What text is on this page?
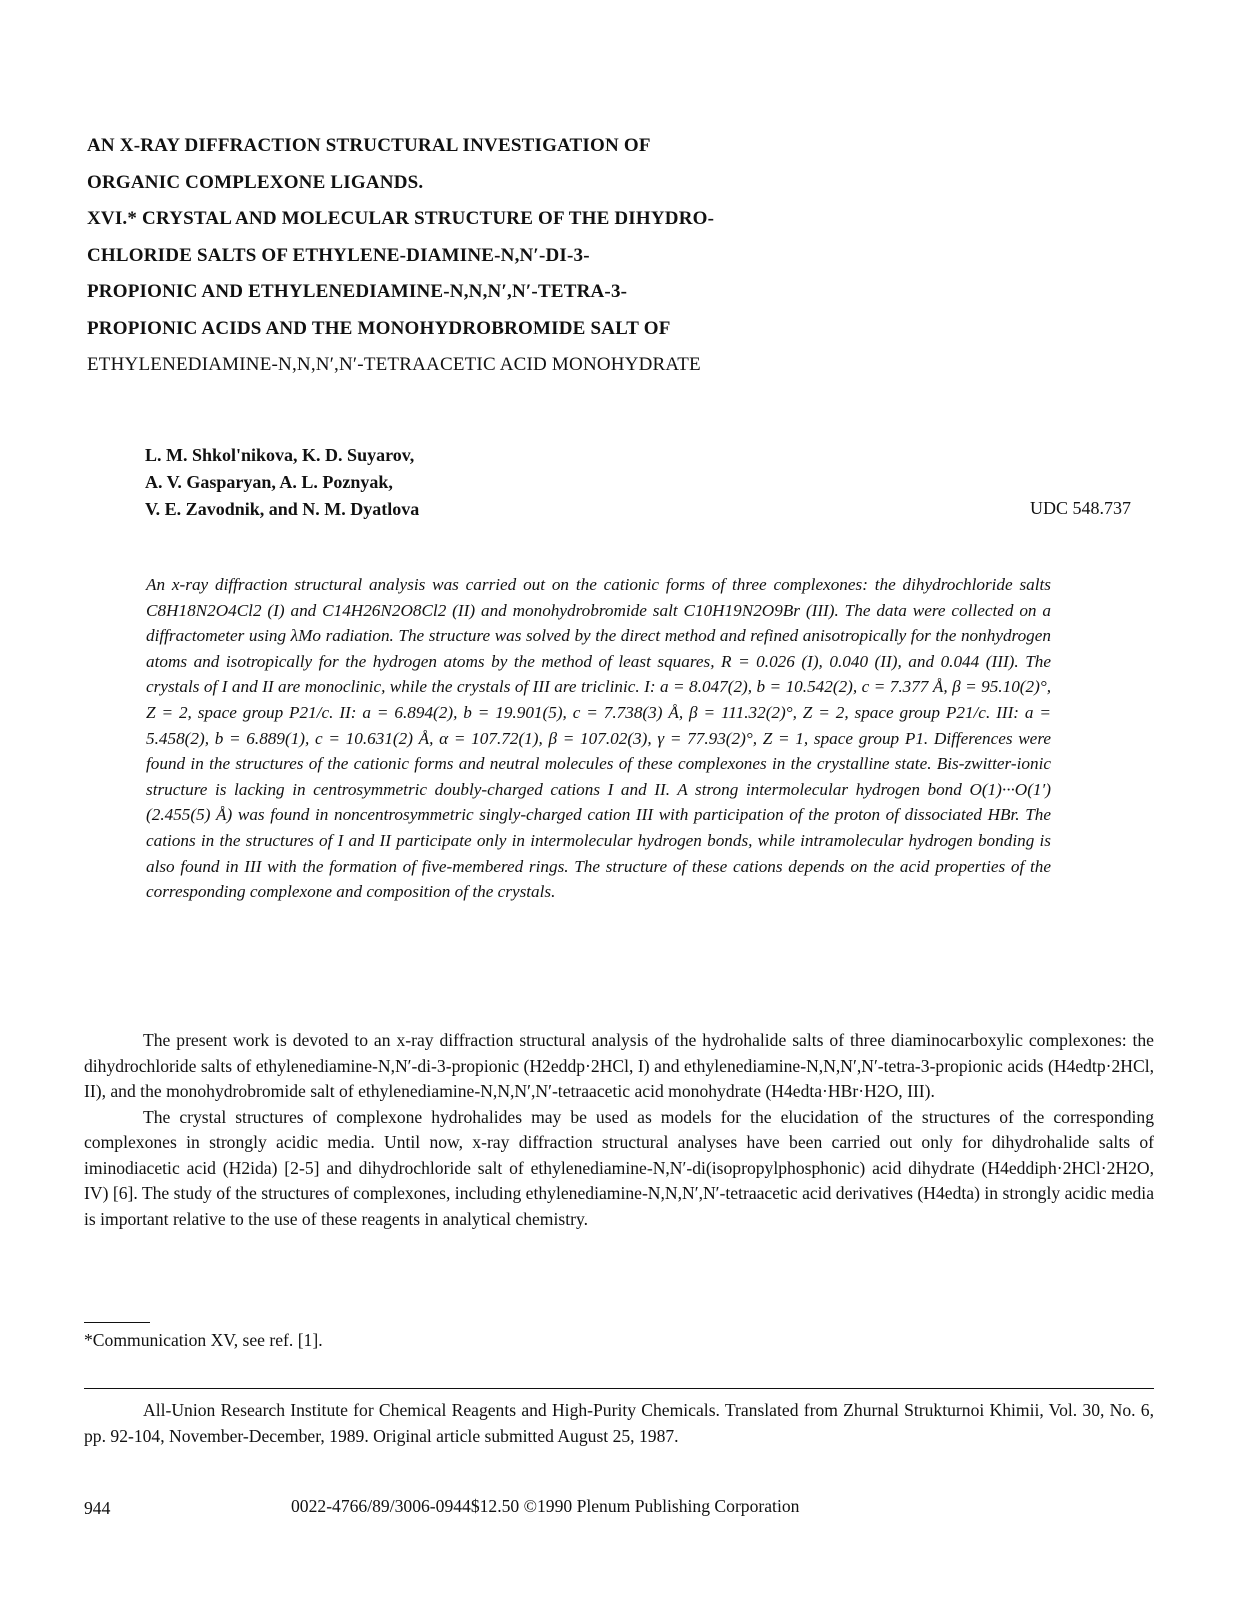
AN X-RAY DIFFRACTION STRUCTURAL INVESTIGATION OF
ORGANIC COMPLEXONE LIGANDS.
XVI.* CRYSTAL AND MOLECULAR STRUCTURE OF THE DIHYDRO-
CHLORIDE SALTS OF ETHYLENE-DIAMINE-N,N′-DI-3-
PROPIONIC AND ETHYLENEDIAMINE-N,N,N′,N′-TETRA-3-
PROPIONIC ACIDS AND THE MONOHYDROBROMIDE SALT OF
ETHYLENEDIAMINE-N,N,N′,N′-TETRAACETIC ACID MONOHYDRATE
L. M. Shkol'nikova, K. D. Suyarov,
A. V. Gasparyan, A. L. Poznyak,
V. E. Zavodnik, and N. M. Dyatlova	UDC 548.737
An x-ray diffraction structural analysis was carried out on the cationic forms of three complexones: the dihydrochloride salts C8H18N2O4Cl2 (I) and C14H26N2O8Cl2 (II) and monohydrobromide salt C10H19N2O9Br (III). The data were collected on a diffractometer using λMo radiation. The structure was solved by the direct method and refined anisotropically for the nonhydrogen atoms and isotropically for the hydrogen atoms by the method of least squares, R = 0.026 (I), 0.040 (II), and 0.044 (III). The crystals of I and II are monoclinic, while the crystals of III are triclinic. I: a = 8.047(2), b = 10.542(2), c = 7.377 Å, β = 95.10(2)°, Z = 2, space group P21/c. II: a = 6.894(2), b = 19.901(5), c = 7.738(3) Å, β = 111.32(2)°, Z = 2, space group P21/c. III: a = 5.458(2), b = 6.889(1), c = 10.631(2) Å, α = 107.72(1), β = 107.02(3), γ = 77.93(2)°, Z = 1, space group P1. Differences were found in the structures of the cationic forms and neutral molecules of these complexones in the crystalline state. Bis-zwitter-ionic structure is lacking in centrosymmetric doubly-charged cations I and II. A strong intermolecular hydrogen bond O(1)···O(1′) (2.455(5) Å) was found in noncentrosymmetric singly-charged cation III with participation of the proton of dissociated HBr. The cations in the structures of I and II participate only in intermolecular hydrogen bonds, while intramolecular hydrogen bonding is also found in III with the formation of five-membered rings. The structure of these cations depends on the acid properties of the corresponding complexone and composition of the crystals.

The present work is devoted to an x-ray diffraction structural analysis of the hydrohalide salts of three diaminocarboxylic complexones: the dihydrochloride salts of ethylenediamine-N,N′-di-3-propionic (H2eddp·2HCl, I) and ethylenediamine-N,N,N′,N′-tetra-3-propionic acids (H4edtp·2HCl, II), and the monohydrobromide salt of ethylenediamine-N,N,N′,N′-tetraacetic acid monohydrate (H4edta·HBr·H2O, III).

The crystal structures of complexone hydrohalides may be used as models for the elucidation of the structures of the corresponding complexones in strongly acidic media. Until now, x-ray diffraction structural analyses have been carried out only for dihydrohalide salts of iminodiacetic acid (H2ida) [2-5] and dihydrochloride salt of ethylenediamine-N,N′-di(isopropylphosphonic) acid dihydrate (H4eddiph·2HCl·2H2O, IV) [6]. The study of the structures of complexones, including ethylenediamine-N,N,N′,N′-tetraacetic acid derivatives (H4edta) in strongly acidic media is important relative to the use of these reagents in analytical chemistry.

*Communication XV, see ref. [1].
All-Union Research Institute for Chemical Reagents and High-Purity Chemicals. Translated from Zhurnal Strukturnoi Khimii, Vol. 30, No. 6, pp. 92-104, November-December, 1989. Original article submitted August 25, 1987.
944	0022-4766/89/3006-0944$12.50 ©1990 Plenum Publishing Corporation
